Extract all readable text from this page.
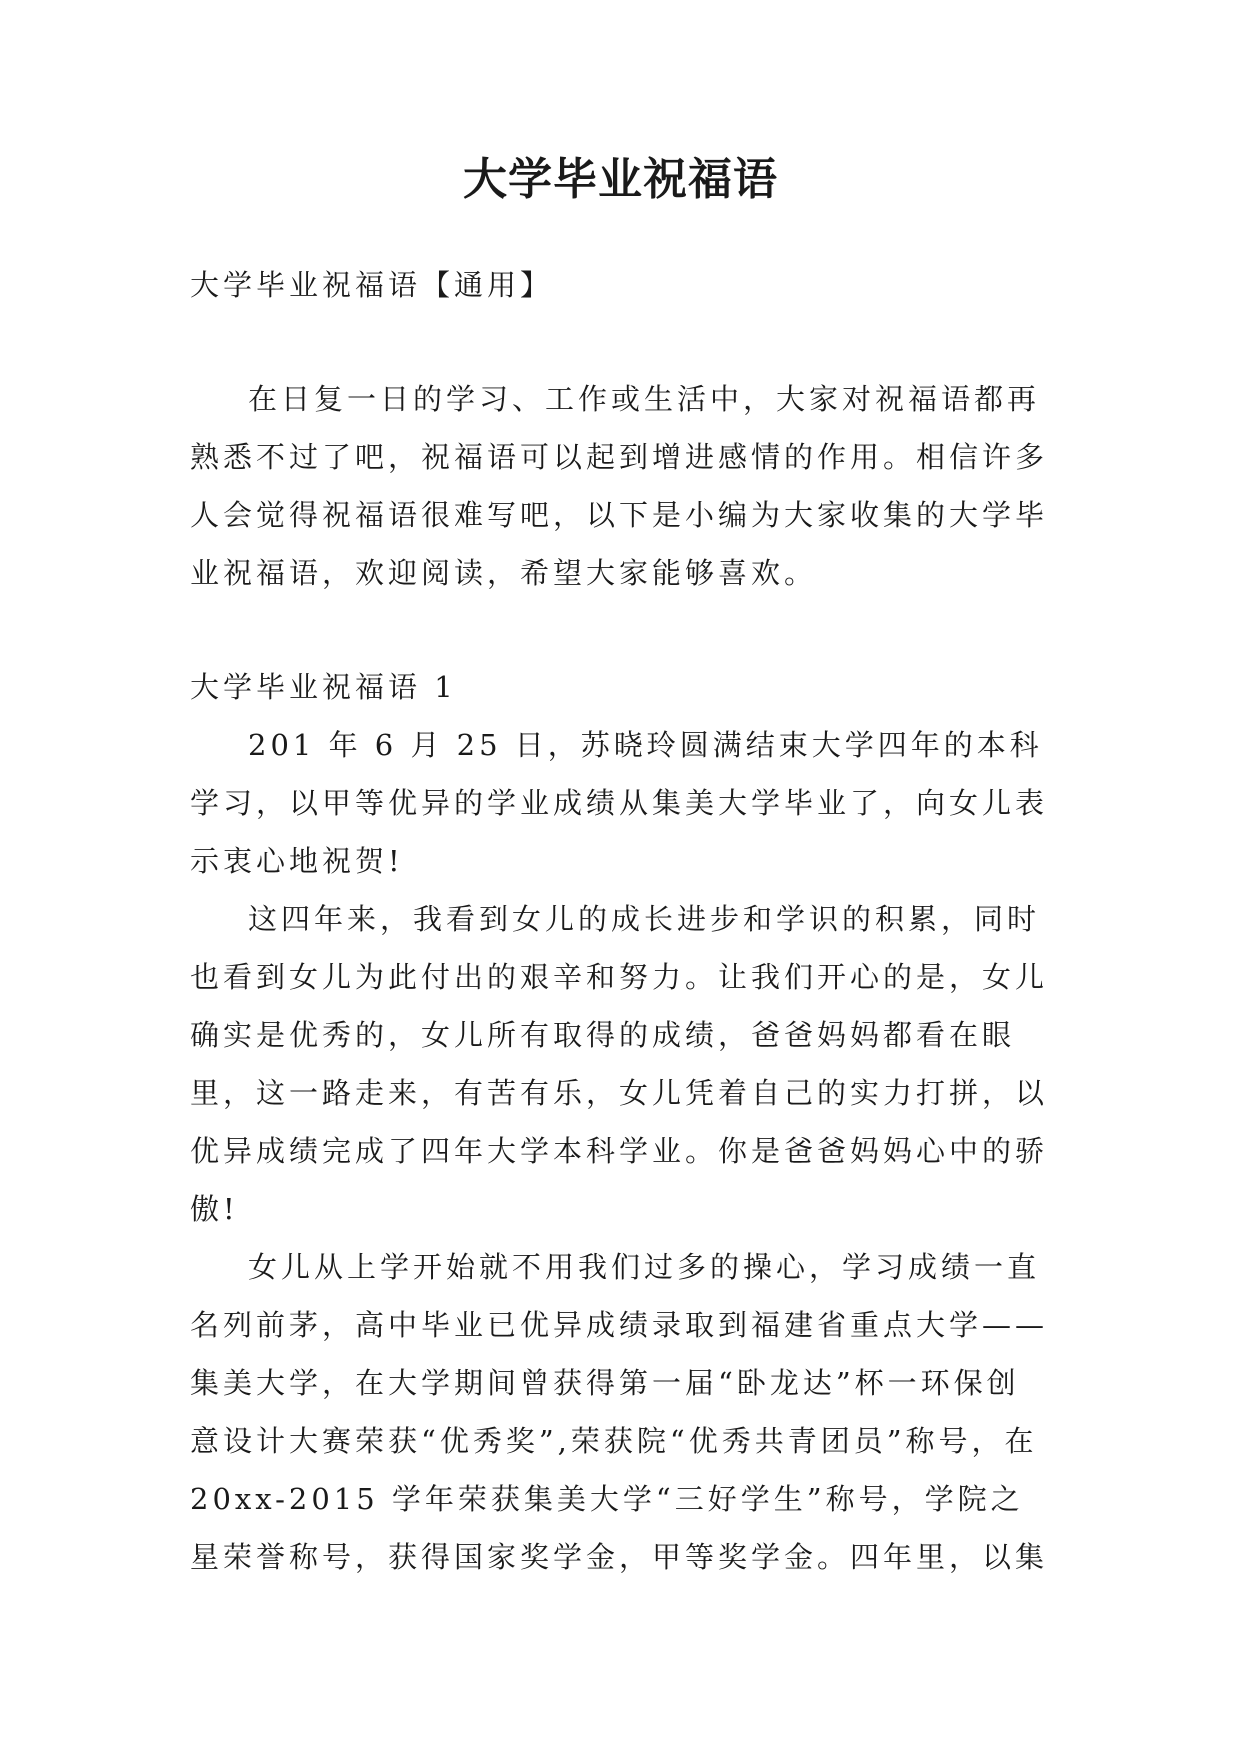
大学毕业祝福语

大学毕业祝福语【通用】

在日复一日的学习、工作或生活中，大家对祝福语都再熟悉不过了吧，祝福语可以起到增进感情的作用。相信许多人会觉得祝福语很难写吧，以下是小编为大家收集的大学毕业祝福语，欢迎阅读，希望大家能够喜欢。

大学毕业祝福语 1

201 年 6 月 25 日，苏晓玲圆满结束大学四年的本科学习，以甲等优异的学业成绩从集美大学毕业了，向女儿表示衷心地祝贺!

这四年来，我看到女儿的成长进步和学识的积累，同时也看到女儿为此付出的艰辛和努力。让我们开心的是，女儿确实是优秀的，女儿所有取得的成绩，爸爸妈妈都看在眼里，这一路走来，有苦有乐，女儿凭着自己的实力打拼，以优异成绩完成了四年大学本科学业。你是爸爸妈妈心中的骄傲!

女儿从上学开始就不用我们过多的操心，学习成绩一直名列前茅，高中毕业已优异成绩录取到福建省重点大学——集美大学，在大学期间曾获得第一届“卧龙达”杯一环保创意设计大赛荣获“优秀奖”,荣获院“优秀共青团员”称号，在 20xx-2015 学年荣获集美大学“三好学生”称号，学院之星荣誉称号，获得国家奖学金，甲等奖学金。四年里，以集
